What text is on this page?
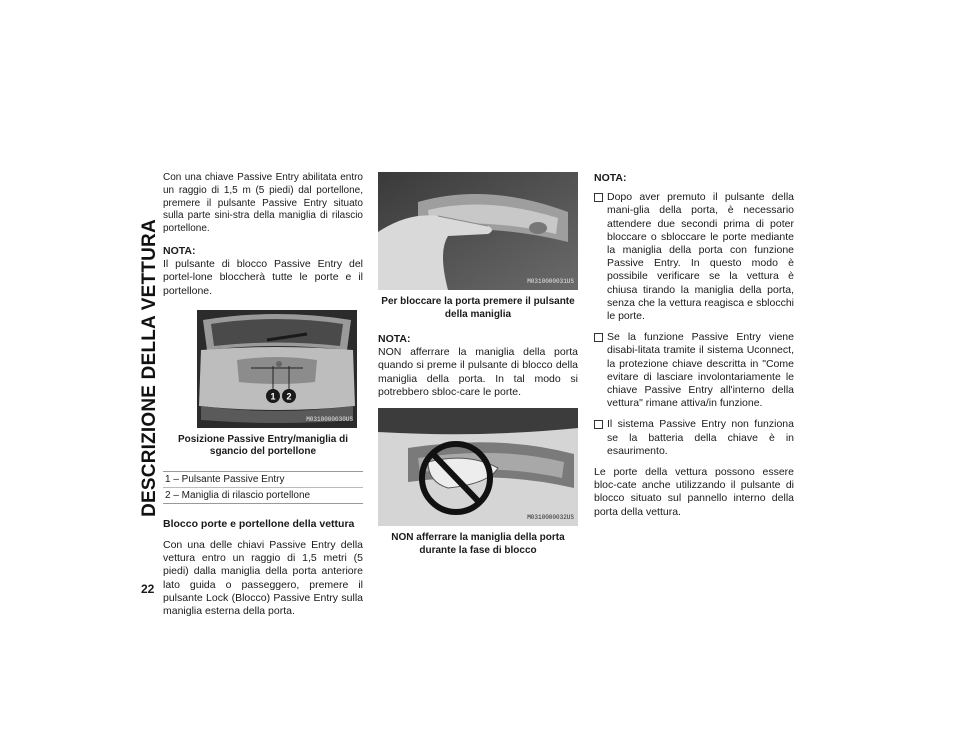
DESCRIZIONE DELLA VETTURA
22

Con una chiave Passive Entry abilitata entro un raggio di 1,5 m (5 piedi) dal portellone, premere il pulsante Passive Entry situato sulla parte sini-stra della maniglia di rilascio portellone.

NOTA:

Il pulsante di blocco Passive Entry del portel-lone bloccherà tutte le porte e il portellone.

1 2
M0310000030US
Posizione Passive Entry/maniglia di sgancio del portellone
1 – Pulsante Passive Entry
2 – Maniglia di rilascio portellone

Blocco porte e portellone della vettura

Con una delle chiavi Passive Entry della vettura entro un raggio di 1,5 metri (5 piedi) dalla maniglia della porta anteriore lato guida o passeggero, premere il pulsante Lock (Blocco) Passive Entry sulla maniglia esterna della porta.

M0310000031US
Per bloccare la porta premere il pulsante della maniglia

NOTA:

NON afferrare la maniglia della porta quando si preme il pulsante di blocco della maniglia della porta. In tal modo si potrebbero sbloc-care le porte.

M0310000032US
NON afferrare la maniglia della porta durante la fase di blocco

NOTA:

Dopo aver premuto il pulsante della mani-glia della porta, è necessario attendere due secondi prima di poter bloccare o sbloccare le porte mediante la maniglia della porta con funzione Passive Entry. In questo modo è possibile verificare se la vettura è chiusa tirando la maniglia della porta, senza che la vettura reagisca e sblocchi le porte.
Se la funzione Passive Entry viene disabi-litata tramite il sistema Uconnect, la protezione chiave descritta in "Come evitare di lasciare involontariamente le chiave Passive Entry all'interno della vettura" rimane attiva/in funzione.
Il sistema Passive Entry non funziona se la batteria della chiave è in esaurimento.

Le porte della vettura possono essere bloc-cate anche utilizzando il pulsante di blocco situato sul pannello interno della porta della vettura.
